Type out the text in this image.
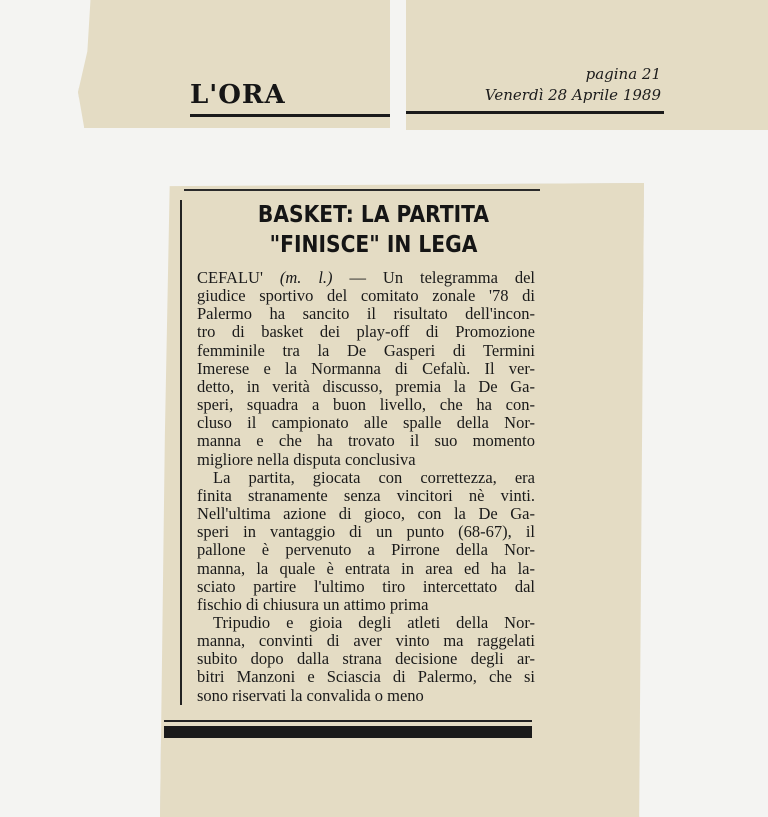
L'ORA
pagina 21
Venerdì 28 Aprile 1989
BASKET: LA PARTITA
"FINISCE" IN LEGA
CEFALU' (m. l.) — Un telegramma del
giudice sportivo del comitato zonale '78 di
Palermo ha sancito il risultato dell'incon-
tro di basket dei play-off di Promozione
femminile tra la De Gasperi di Termini
Imerese e la Normanna di Cefalù. Il ver-
detto, in verità discusso, premia la De Ga-
speri, squadra a buon livello, che ha con-
cluso il campionato alle spalle della Nor-
manna e che ha trovato il suo momento
migliore nella disputa conclusiva
La partita, giocata con correttezza, era
finita stranamente senza vincitori nè vinti.
Nell'ultima azione di gioco, con la De Ga-
speri in vantaggio di un punto (68-67), il
pallone è pervenuto a Pirrone della Nor-
manna, la quale è entrata in area ed ha la-
sciato partire l'ultimo tiro intercettato dal
fischio di chiusura un attimo prima
Tripudio e gioia degli atleti della Nor-
manna, convinti di aver vinto ma raggelati
subito dopo dalla strana decisione degli ar-
bitri Manzoni e Sciascia di Palermo, che si
sono riservati la convalida o meno
